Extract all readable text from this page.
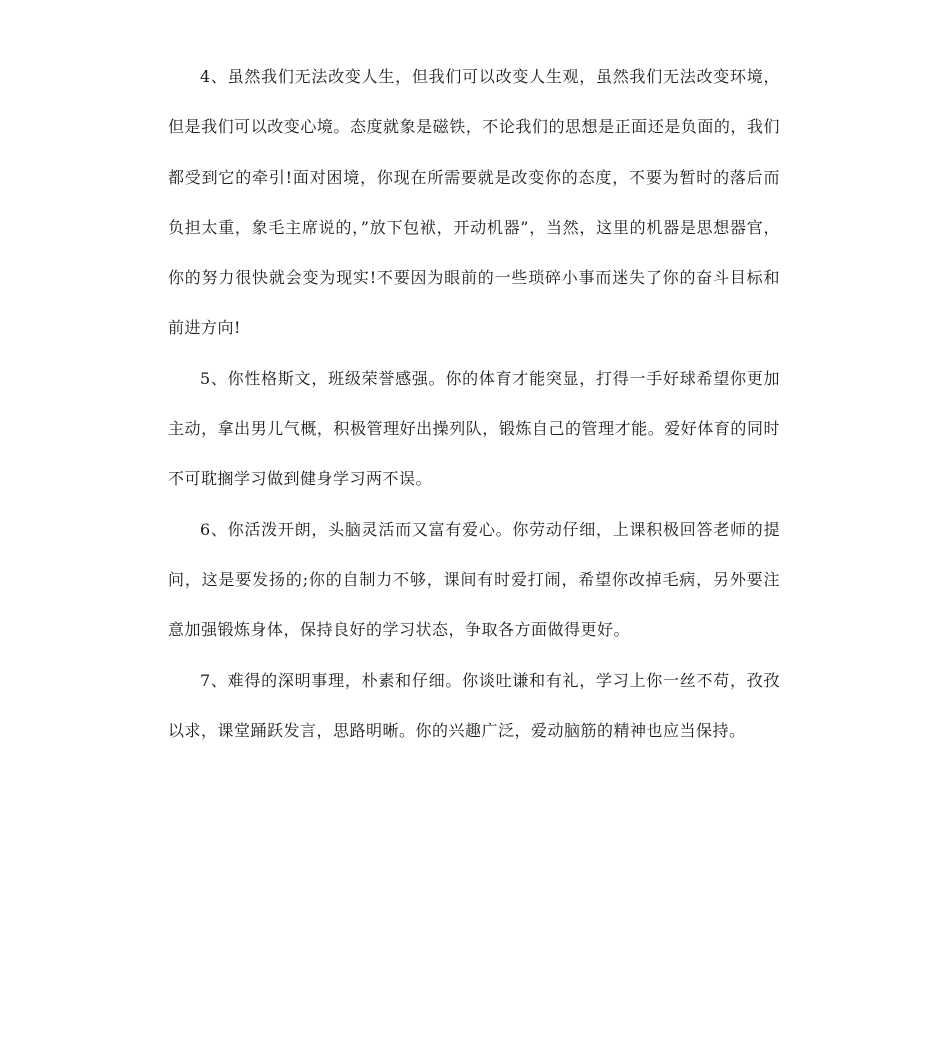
4、虽然我们无法改变人生，但我们可以改变人生观，虽然我们无法改变环境，但是我们可以改变心境。态度就象是磁铁，不论我们的思想是正面还是负面的，我们都受到它的牵引!面对困境，你现在所需要就是改变你的态度，不要为暂时的落后而负担太重，象毛主席说的，”放下包袱，开动机器”，当然，这里的机器是思想器官，你的努力很快就会变为现实!不要因为眼前的一些琐碎小事而迷失了你的奋斗目标和前进方向!

5、你性格斯文，班级荣誉感强。你的体育才能突显，打得一手好球希望你更加主动，拿出男儿气概，积极管理好出操列队，锻炼自己的管理才能。爱好体育的同时不可耽搁学习做到健身学习两不误。

6、你活泼开朗，头脑灵活而又富有爱心。你劳动仔细，上课积极回答老师的提问，这是要发扬的;你的自制力不够，课间有时爱打闹，希望你改掉毛病，另外要注意加强锻炼身体，保持良好的学习状态，争取各方面做得更好。

7、难得的深明事理，朴素和仔细。你谈吐谦和有礼，学习上你一丝不苟，孜孜以求，课堂踊跃发言，思路明晰。你的兴趣广泛，爱动脑筋的精神也应当保持。
